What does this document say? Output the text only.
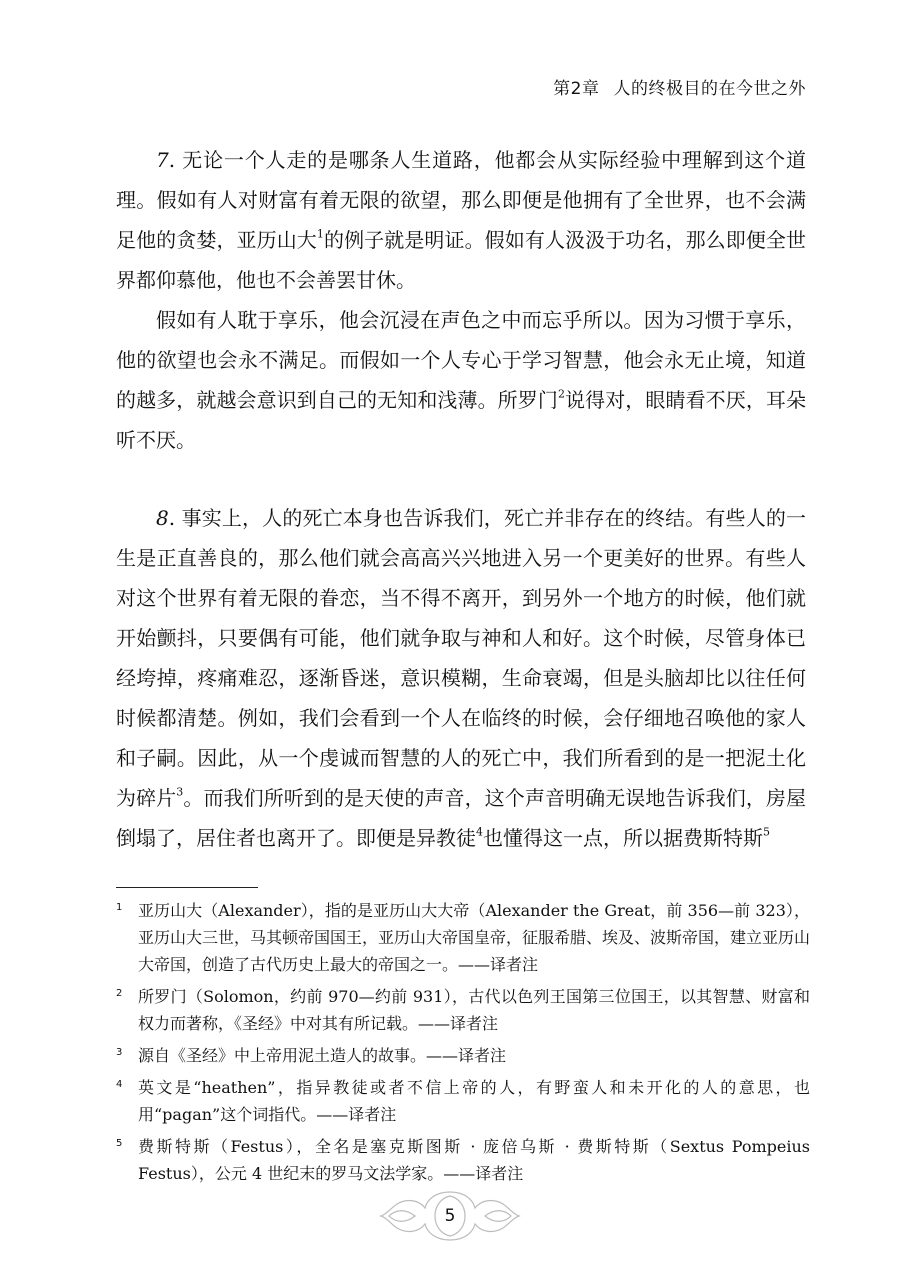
第2章 人的终极目的在今世之外

7. 无论一个人走的是哪条人生道路，他都会从实际经验中理解到这个道理。假如有人对财富有着无限的欲望，那么即便是他拥有了全世界，也不会满足他的贪婪，亚历山大$^1$的例子就是明证。假如有人汲汲于功名，那么即便全世界都仰慕他，他也不会善罢甘休。

假如有人耽于享乐，他会沉浸在声色之中而忘乎所以。因为习惯于享乐，他的欲望也会永不满足。而假如一个人专心于学习智慧，他会永无止境，知道的越多，就越会意识到自己的无知和浅薄。所罗门$^2$说得对，眼睛看不厌，耳朵听不厌。

8. 事实上，人的死亡本身也告诉我们，死亡并非存在的终结。有些人的一生是正直善良的，那么他们就会高高兴兴地进入另一个更美好的世界。有些人对这个世界有着无限的眷恋，当不得不离开，到另外一个地方的时候，他们就开始颤抖，只要偶有可能，他们就争取与神和人和好。这个时候，尽管身体已经垮掉，疼痛难忍，逐渐昏迷，意识模糊，生命衰竭，但是头脑却比以往任何时候都清楚。例如，我们会看到一个人在临终的时候，会仔细地召唤他的家人和子嗣。因此，从一个虔诚而智慧的人的死亡中，我们所看到的是一把泥土化为碎片$^3$。而我们所听到的是天使的声音，这个声音明确无误地告诉我们，房屋倒塌了，居住者也离开了。即便是异教徒$^4$也懂得这一点，所以据费斯特斯$^5$

1 亚历山大（Alexander），指的是亚历山大大帝（Alexander the Great，前 356—前 323），亚历山大三世，马其顿帝国国王，亚历山大帝国皇帝，征服希腊、埃及、波斯帝国，建立亚历山大帝国，创造了古代历史上最大的帝国之一。——译者注
2 所罗门（Solomon，约前 970—约前 931），古代以色列王国第三位国王，以其智慧、财富和权力而著称，《圣经》中对其有所记载。——译者注
3 源自《圣经》中上帝用泥土造人的故事。——译者注
4 英文是“heathen”，指异教徒或者不信上帝的人，有野蛮人和未开化的人的意思，也用“pagan”这个词指代。——译者注
5 费斯特斯（Festus），全名是塞克斯图斯 · 庞倍乌斯 · 费斯特斯（Sextus Pompeius Festus），公元 4 世纪末的罗马文法学家。——译者注
5
